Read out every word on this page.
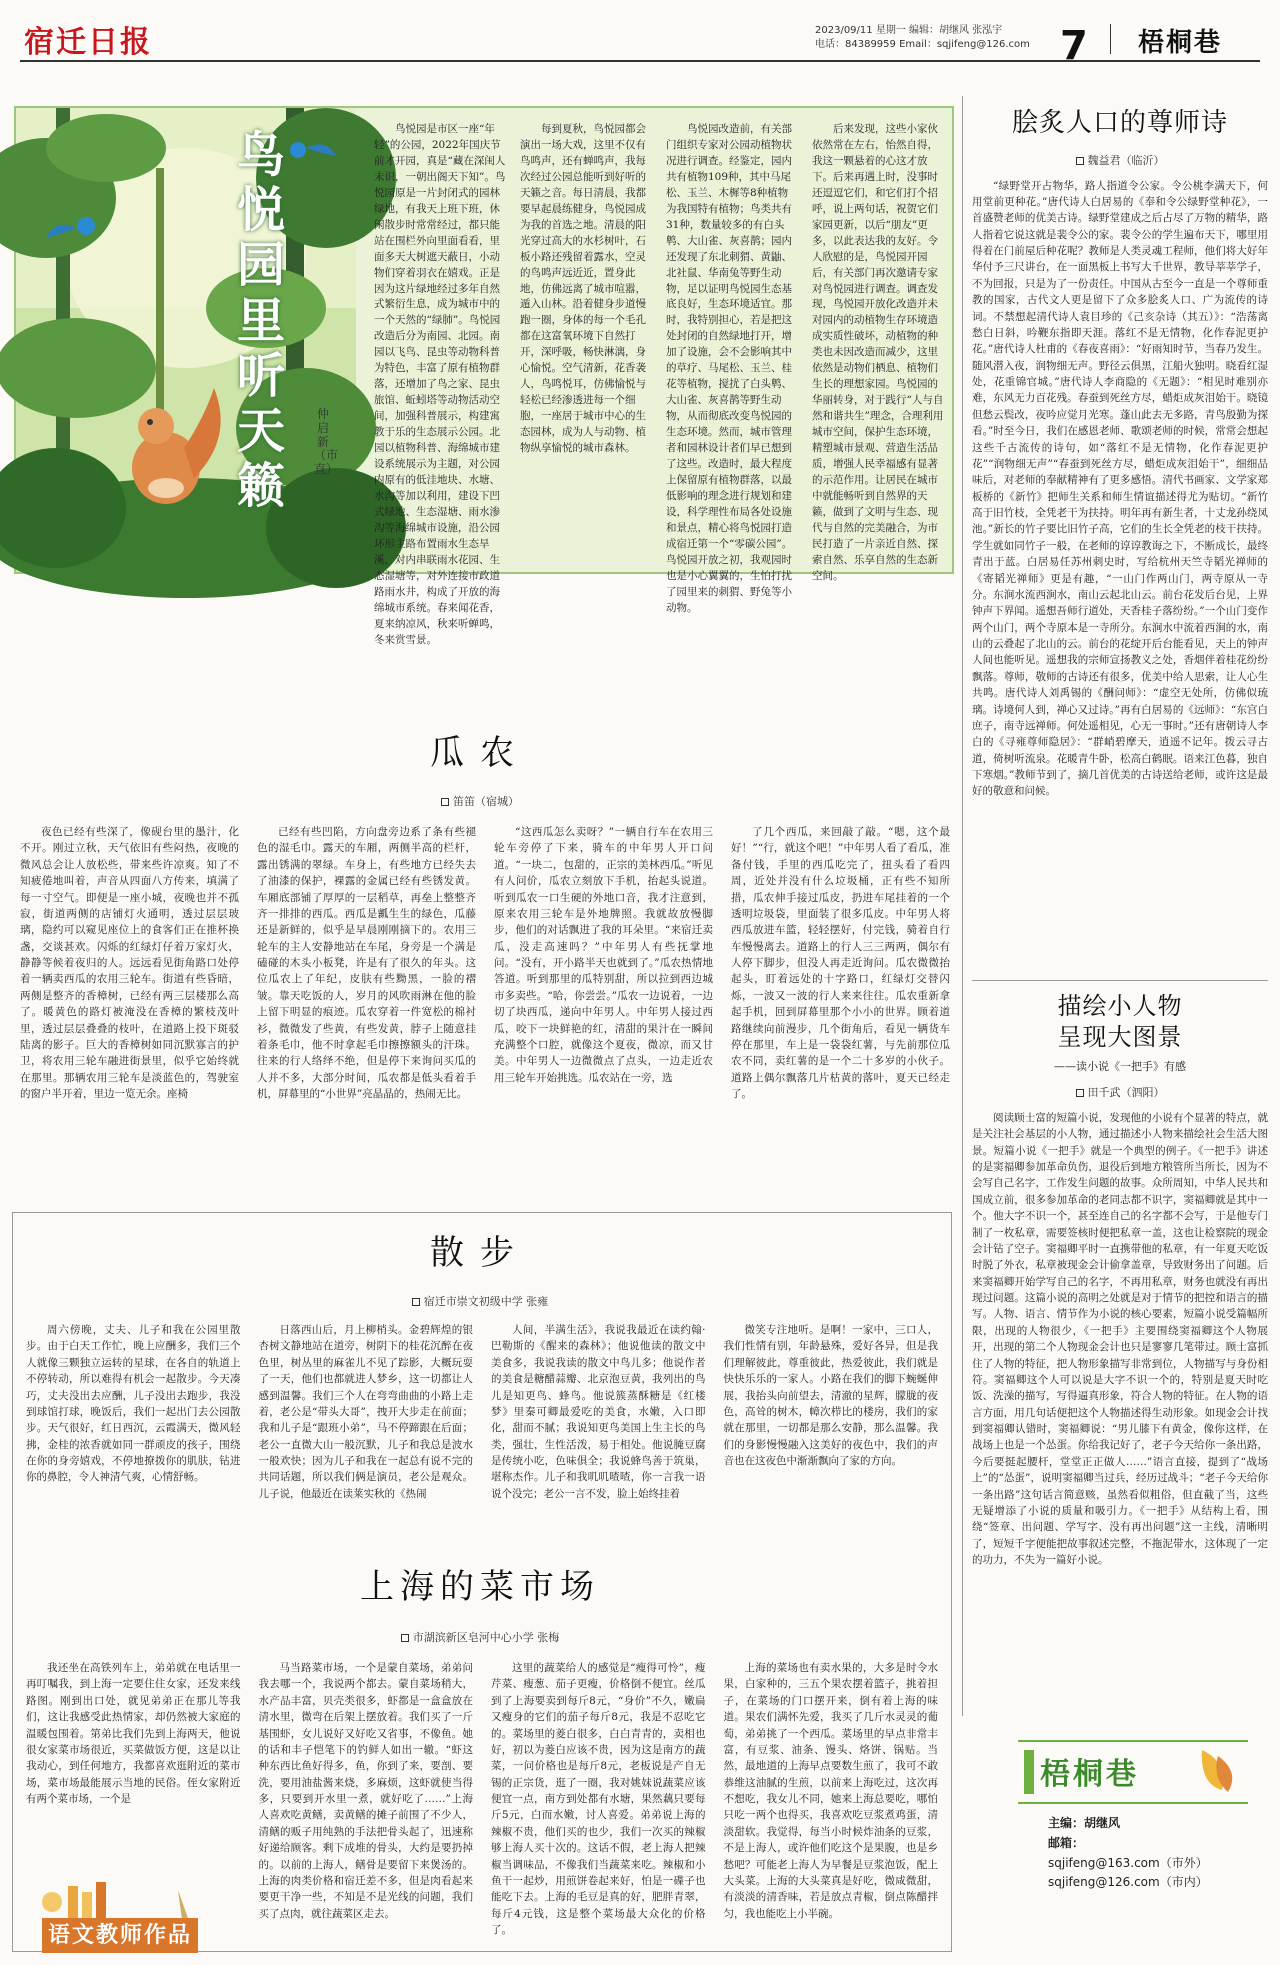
宿迁日报	2023/09/11 星期一 编辑：胡继风 张泓宇
电话：84389959 Email：sqjifeng@126.com 7 梧桐巷
鸟悦园里听天籁
仲启新（市直）
鸟悦园是市区一座“年轻”的公园，2022年国庆节前才开园，真是“藏在深闺人未识，一朝出阁天下知”。鸟悦园原是一片封闭式的园林绿地，有我天上班下班，休闲散步时常常经过，都只能站在围栏外向里面看看，里面多天大树遮天蔽日，小动物们穿着羽衣在嬉戏。正是因为这片绿地经过多年自然式繁衍生息，成为城市中的一个天然的“绿肺”。鸟悦园改造后分为南园、北园。南园以飞鸟、昆虫等动物科普为特色，丰富了原有植物群落，还增加了鸟之家、昆虫旅馆、蚯蚓塔等动物活动空间，加强科普展示，构建寓教于乐的生态展示公园。北园以植物科普、海绵城市建设系统展示为主题，对公园内原有的低洼地块、水塘、水沟等加以利用，建设下凹式绿地、生态湿塘、雨水渗沟等海绵城市设施，沿公园环形主路布置雨水生态旱溪，对内串联雨水花园、生态湿塘等，对外连接市政道路雨水井，构成了开放的海绵城市系统。春来闻花香，夏来纳凉风，秋来听蝉鸣，冬来赏雪景。
每到夏秋，鸟悦园都会演出一场大戏，这里不仅有鸟鸣声，还有蝉鸣声，我每次经过公园总能听到好听的天籁之音。每日清晨，我都要早起晨练健身，鸟悦园成为我的首选之地。清晨的阳光穿过高大的水杉树叶，石板小路还残留着露水，空灵的鸟鸣声远近近，置身此地，仿佛远离了城市喧嚣，遁入山林。沿着健身步道慢跑一圈，身体的每一个毛孔都在这富氧环境下自然打开，深呼吸，畅快淋漓，身心愉悦。空气清新，花香袭人，鸟鸣悦耳，仿佛愉悦与轻松已经渗透进每一个细胞，一座居于城市中心的生态园林，成为人与动物、植物纵享愉悦的城市森林。
鸟悦园改造前，有关部门组织专家对公园动植物状况进行调查。经鉴定，园内共有植物109种，其中马尾松、玉兰、木樨等8种植物为我国特有植物；鸟类共有31种，数量较多的有白头鹎、大山雀、灰喜鹊；园内还发现了东北刺猬、黄鼬、北社鼠、华南兔等野生动物，足以证明鸟悦园生态基底良好，生态环境适宜。那时，我特别担心，若是把这处封闭的自然绿地打开，增加了设施，会不会影响其中的草疗、马尾松、玉兰、桂花等植物，搅扰了白头鹎、大山雀、灰喜鹊等野生动物，从而彻底改变鸟悦园的生态环境。然而，城市管理者和园林设计者们早已想到了这些。改造时，最大程度上保留原有植物群落，以最低影响的理念进行规划和建设，科学理性布局各处设施和景点，精心将鸟悦园打造成宿迁第一个“零碳公园”。鸟悦园开放之初，我观园时也是小心翼翼的，生怕打扰了园里来的刺猬、野兔等小动物。
后来发现，这些小家伙依然常在左右，怡然自得，我这一颗悬着的心这才放下。后来再遇上时，没事时还逗逗它们，和它们打个招呼，说上两句话，祝贺它们家园更新，以后“朋友”更多，以此表达我的友好。令人欣慰的是，鸟悦园开园后，有关部门再次邀请专家对鸟悦园进行调查。调查发现，鸟悦园开放化改造并未对园内的动植物生存环境造成实质性破坏，动植物的种类也未因改造而减少，这里依然是动物们栖息、植物们生长的理想家园。鸟悦园的华丽转身，对于践行“人与自然和谐共生”理念，合理利用城市空间，保护生态环境，精塑城市景观、营造生活品质，增强人民幸福感有显著的示范作用。让居民在城市中就能畅听到自然界的天籁，做到了文明与生态、现代与自然的完美融合，为市民打造了一片亲近自然、探索自然、乐享自然的生态新空间。
脍炙人口的尊师诗
魏益君（临沂）
“绿野堂开占物华，路人指道令公家。令公桃李满天下，何用堂前更种花。”唐代诗人白居易的《奉和令公绿野堂种花》，一首盛赞老师的优美古诗。绿野堂建成之后占尽了万物的精华，路人指着它说这就是裴令公的家。裴令公的学生遍布天下，哪里用得着在门前屋后种花呢？教师是人类灵魂工程师，他们将大好年华付予三尺讲台，在一面黑板上书写大千世界，教导莘莘学子，不为回报，只是为了一份责任。中国从古至今一直是一个尊师重教的国家，古代文人更是留下了众多脍炙人口、广为流传的诗词。不禁想起清代诗人袁目珍的《己亥杂诗（其五）》：“浩荡离愁白日斜，吟鞭东指即天涯。落红不是无情物，化作春泥更护花。”唐代诗人杜甫的《春夜喜雨》：“好雨知时节，当春乃发生。随风潜入夜，润物细无声。野径云俱黑，江船火独明。晓看红湿处，花重锦官城。”唐代诗人李商隐的《无题》：“相见时难别亦难，东风无力百花残。春蚕到死丝方尽，蜡炬成灰泪始干。晓镜但愁云鬓改，夜吟应觉月光寒。蓬山此去无多路，青鸟殷勤为探看。”时至今日，我们在感恩老师、歌颂老师的时候，常常会想起这些千古流传的诗句，如“落红不是无情物，化作春泥更护花”“润物细无声”“春蚕到死丝方尽，蜡炬成灰泪始干”，细细品味后，对老师的奉献精神有了更多感悟。清代书画家、文学家郑板桥的《新竹》把师生关系和师生情谊描述得尤为贴切。“新竹高于旧竹枝，全凭老干为扶持。明年再有新生者，十丈龙孙绕凤池。”新长的竹子要比旧竹子高，它们的生长全凭老的枝干扶持。学生就如同竹子一般，在老师的谆谆教诲之下，不断成长，最终青出于蓝。白居易任苏州刺史时，写给杭州天竺寺韬光禅师的《寄韬光禅师》更是有趣，“一山门作两山门，两寺原从一寺分。东涧水流西涧水，南山云起北山云。前台花发后台见，上界钟声下界闻。遥想吾师行道处，天香桂子落纷纷。”一个山门变作两个山门，两个寺原本是一寺所分。东涧水中流着西涧的水，南山的云叠起了北山的云。前台的花绽开后台能看见，天上的钟声人间也能听见。遥想我的宗师宣扬教义之处，香烟伴着桂花纷纷飘落。尊师，敬师的古诗还有很多，优美中给人思索，让人心生共鸣。唐代诗人刘禹锡的《酬问师》：“虚空无处所，仿佛似琉璃。诗境何人到，禅心又过诗。”再有白居易的《远师》：“东宫白庶子，南寺远禅师。何处遥相见，心无一事时。”还有唐朝诗人李白的《寻雍尊师隐居》：“群峭碧摩天，逍遥不记年。拨云寻古道，倚树听流泉。花暖青牛卧，松高白鹤眠。语来江色暮，独自下寒烟。”教师节到了，摘几首优美的古诗送给老师，或许这是最好的敬意和问候。
描绘小人物
呈现大图景
——读小说《一把手》有感
田千武（泗阳）
阅读顾士富的短篇小说，发现他的小说有个显著的特点，就是关注社会基层的小人物，通过描述小人物来描绘社会生活大图景。短篇小说《一把手》就是一个典型的例子。《一把手》讲述的是窦福卿参加革命负伤，退役后到地方粮管所当所长，因为不会写自己名字，工作发生问题的故事。众所周知，中华人民共和国成立前，很多参加革命的老同志都不识字，窦福卿就是其中一个。他大字不识一个，甚至连自己的名字都不会写，于是他专门制了一枚私章，需要签核时便把私章一盖，这也让检察院的现金会计钻了空子。窦福卿平时一直携带他的私章，有一年夏天吃饭时脱了外衣，私章被现金会计偷拿盖章，导致财务出了问题。后来窦福卿开始学写自己的名字，不再用私章，财务也就没有再出现过问题。这篇小说的高明之处就是对于情节的把控和语言的描写。人物、语言、情节作为小说的核心要素，短篇小说受篇幅所限，出现的人物很少，《一把手》主要围绕窦福卿这个人物展开，出现的第二个人物现金会计也只是寥寥几笔带过。顾士富抓住了人物的特征，把人物形象描写非常到位，人物描写与身份相符。窦福卿这个人可以说是大字不识一个的，特别是夏天时吃饭、洗澡的描写，写得逼真形象，符合人物的特征。在人物的语言方面，用几句话便把这个人物描述得生动形象。如现金会计找到窦福卿认错时，窦福卿说：“男儿膝下有黄金，像你这样，在战场上也是一个怂蛋。你给我记好了，老子今天给你一条出路，今后要挺起腰杆，堂堂正正做人……”语言直接，提到了“战场上”的“怂蛋”，说明窦福卿当过兵，经历过战斗；“老子今天给你一条出路”这句话言简意赅，虽然看似粗俗，但直截了当，这些无疑增添了小说的质量和吸引力。《一把手》从结构上看，围绕“签章、出问题、学写字、没有再出问题”这一主线，清晰明了，短短千字便能把故事叙述完整，不拖泥带水，这体现了一定的功力，不失为一篇好小说。
瓜农
笛笛（宿城）
夜色已经有些深了，像砚台里的墨汁，化不开。刚过立秋，天气依旧有些闷热，夜晚的微风总会让人放松些，带来些许凉爽。知了不知疲倦地叫着，声音从四面八方传来，填满了每一寸空气。即便是一座小城，夜晚也并不孤寂，街道两侧的店铺灯火通明，透过层层玻璃，隐约可以窥见座位上的食客们正在推杯换盏，交谈甚欢。闪烁的红绿灯仔着万家灯火，静静等候着夜归的人。远远看见街角路口处停着一辆卖西瓜的农用三轮车。街道有些昏暗，两侧是整齐的香樟树，已经有两三层楼那么高了。暖黄色的路灯被淹没在香樟的繁枝茂叶里，透过层层叠叠的枝叶，在道路上投下斑驳陆离的影子。巨大的香樟树如同沉默寡言的护卫，将农用三轮车融进街景里，似乎它始终就在那里。那辆农用三轮车是淡蓝色的，驾驶室的窗户半开着，里边一览无余。座椅
已经有些凹陷，方向盘旁边系了条有些褪色的湿毛巾。露天的车厢，两侧半高的栏杆，露出锈满的翠绿。车身上，有些地方已经失去了油漆的保护，裸露的金属已经有些锈发黄。车厢底部铺了厚厚的一层稻草，再垒上整整齐齐一排排的西瓜。西瓜是瓤生生的绿色，瓜藤还是新鲜的，似乎是早晨刚刚摘下的。农用三轮车的主人安静地站在车尾，身旁是一个满是磕碰的木头小板凳，许是有了很久的年头。这位瓜农上了年纪，皮肤有些黝黑，一脸的褶皱。靠天吃饭的人，岁月的风吹雨淋在他的脸上留下明显的痕迹。瓜农穿着一件宽松的棉衬衫，微微发了些黄，有些发黄，脖子上随意挂着条毛巾，他不时拿起毛巾擦擦额头的汗珠。往来的行人络绎不绝，但是停下来询问买瓜的人并不多，大部分时间，瓜农都是低头看着手机，屏幕里的“小世界”亮晶晶的，热闹无比。
“这西瓜怎么卖呀？”一辆自行车在农用三轮车旁停了下来，骑车的中年男人开口问道。“一块二，包甜的，正宗的美林西瓜。”听见有人问价，瓜农立刻放下手机，抬起头说道。听到瓜农一口生硬的外地口音，我才注意到，原来农用三轮车是外地牌照。我就故放慢脚步，他们的对话飘进了我的耳朵里。“来宿迁卖瓜，没走高速吗？”中年男人有些抚掌地问。“没有，开小路半天也就到了。”瓜农热情地答道。听到那里的瓜特别甜，所以拉到西边城市多卖些。“哈，你尝尝。”瓜农一边说着，一边切了块西瓜，递向中年男人。中年男人接过西瓜，咬下一块鲜艳的红，清甜的果汁在一瞬间充满整个口腔，就像这个夏夜，微凉，而又甘美。中年男人一边微微点了点头，一边走近农用三轮车开始挑选。瓜农站在一旁，选
了几个西瓜，来回敲了敲。“嗯，这个最好！”“行，就这个吧！”中年男人看了看瓜，准备付钱，手里的西瓜吃完了，扭头看了看四周，近处并没有什么垃圾桶，正有些不知所措，瓜农伸手接过瓜皮，扔进车尾挂着的一个透明垃圾袋，里面装了很多瓜皮。中年男人将西瓜放进车篮，轻轻摆好，付完钱，骑着自行车慢慢离去。道路上的行人三三两两，偶尔有人停下脚步，但没人再走近询问。瓜农微微抬起头，盯着远处的十字路口，红绿灯交替闪烁，一波又一波的行人来来往往。瓜农重新拿起手机，回到屏幕里那个小小的世界。顾着道路继续向前漫步，几个街角后，看见一辆货车停在那里，车上是一袋袋红薯，与先前那位瓜农不同，卖红薯的是一个二十多岁的小伙子。道路上偶尔飘落几片枯黄的落叶，夏天已经走了。
散步
宿迁市崇文初级中学 张雍
周六傍晚，丈夫、儿子和我在公园里散步。由于白天工作忙，晚上应酬多，我们三个人就像三颗独立运转的星球，在各自的轨道上不停转动，所以难得有机会一起散步。今天凑巧，丈夫没出去应酬，儿子没出去跑步，我没到球馆打球，晚饭后，我们一起出门去公园散步。天气很好，红日西沉，云霞满天，微风轻拂，金桂的浓香就如同一群顽皮的孩子，围绕在你的身旁嬉戏，不停地撩拨你的肌肤，钻进你的鼻腔，令人神清气爽，心情舒畅。
日落西山后，月上柳梢头。金碧辉煌的银杏树文静地站在道旁，树阴下的桂花沉醉在夜色里，树丛里的麻雀儿不见了踪影，大概玩耍了一天，他们也都就进人梦乡，这一切都让人感到温馨。我们三个人在弯弯曲曲的小路上走着，老公是“带头大哥”，拽开大步走在前面；我和儿子是“跟班小弟”，马不停蹄跟在后面；老公一直微大山一般沉默，儿子和我总是波水一般欢快；因为儿子和我在一起总有说不完的共同话题，所以我们俩是演员，老公是观众。儿子说，他最近在读莱实秋的《热闹
人间，半满生活》，我说我最近在读约翰·巴勒斯的《醒来的森林》；他说他读的散文中美食多，我说我读的散文中鸟儿多；他说作者的美食是糖醋蒜瓣、北京泡豆黄，我列出的鸟儿是知更鸟、蜂鸟。他说簇蒸酥糖是《红楼梦》里秦可卿最爱吃的美食，水嫩，入口即化，甜而不腻；我说知更鸟美国上生主长的鸟类，强壮，生性活泼，易于相处。他说腌豆腐是传统小吃，色味俱全；我说蜂鸟善于筑巢，堪称杰作。儿子和我叽叽喳喳，你一言我一语说个没完；老公一言不发，脸上始终挂着
微笑专注地听。是啊！一家中，三口人，我们性情有别，年龄悬殊，爱好各异，但是我们理解彼此，尊重彼此，热爱彼此，我们就是快快乐乐的一家人。小路在我们的脚下蜿蜒伸展，我抬头向前望去，清澈的星辉，朦胧的夜色，高耸的树木，幛次栉比的楼房，我们的家就在那里，一切都是那么安静，那么温馨。我们的身影慢慢融入这美好的夜色中，我们的声音也在这夜色中渐渐飘向了家的方向。
上海的菜市场
市湖滨新区皂河中心小学 张梅
我还坐在高铁列车上，弟弟就在电话里一再叮嘱我，到上海一定要住住女家，还发来线路图。刚到出口处，就见弟弟正在那儿等我们，这让我感受此热情家，却仍然被大家庭的温暖包围着。第弟比我们先到上海两天，他说很女家菜市场很近，买菜做饭方便，这是以让我动心，到任何地方，我都喜欢逛附近的菜市场，菜市场最能展示当地的民俗。侄女家附近有两个菜市场，一个是
马当路菜市场，一个是蒙自菜场，弟弟问我去哪一个，我说两个都去。蒙自菜场稍大，水产品丰富，贝壳类很多，虾都是一盒盒放在清水里，微弯在后架上摆放着。我们买了一斤基围虾，女儿说好又好吃又省事，不像鱼。她的话和丰子恺笔下的钓鲜人如出一辙。“虾这种东西比鱼好得多，鱼，你到了来，要剖、要洗，要用油盐酱来烧，多麻烦，这虾就使当得多，只要到开水里一煮，就好吃了……”上海人喜欢吃黄鳝，卖黄鳝的摊子前围了不少人，清鳝的贩子用纯熟的手法把骨头起了，迅速称好递给顾客。剩下成堆的骨头，大约是要扔掉的。以前的上海人，鳝骨是要留下来煲汤的。上海的肉类价格和宿迁差不多，但是肉看起来要更干净一些，不知是不是光线的问题，我们买了点肉，就往蔬菜区走去。
这里的蔬菜给人的感觉是“瘦得可怜”，瘦芹菜、瘦葱、茄子更瘦，价格倒不便宜。丝瓜到了上海要卖到每斤8元，“身价”不久，嫩扁又瘦身的它们的茄子每斤8元，我是不忍吃它的。菜场里的菱白很多，白白青青的，卖相也好，初以为菱白应该不贵，因为这是南方的蔬菜，一问价格也是每斤8元，老板说是产自无锡的正宗货，逛了一圈，我对姚妹说蔬菜应该便宜一点，南方到处都有水塘，果然藕只要每斤5元，白而水嫩，讨人喜爱。弟弟说上海的辣椒不贵，他们买的也少，我们一次买的辣椒够上海人买十次的。这话不假，老上海人把辣椒当调味品，不像我们当蔬菜来吃。辣椒和小鱼干一起炒，用煎饼卷起来好，怕是一碟子也能吃下去。上海的毛豆是真的好，肥胖青翠，每斤4元钱，这是整个菜场最大众化的价格了。
上海的菜场也有卖水果的，大多是时令水果，白家种的，三五个果农摆着篮子，挑着担子，在菜场的门口摆开来，倒有着上海的味道。果农们满怀先爱，我买了几斤水灵灵的葡萄，弟弟挑了一个西瓜。菜场里的早点非常丰富，有豆浆、油条、馒头、烙饼、锅贴。当然，最地道的上海早点要数生煎了，我可不敢恭维这油腻的生煎，以前来上海吃过，这次再不想吃，我女儿不同，她来上海总要吃，哪怕只吃一两个也得买，我喜欢吃豆浆煮鸡蛋，清淡甜软。我觉得，每当小时候炸油条的豆浆，不是上海人，或许他们吃这个是果腹，也是乡愁吧？可能老上海人为早餐是豆浆泡饭，配上大头菜。上海的大头菜真是好吃，微咸微甜，有淡淡的清香味，若是放点青椒，倒点陈醋拌匀，我也能吃上小半碗。
语文教师作品
梧桐巷
主编：胡继风
邮箱：
sqjifeng@163.com（市外）
sqjifeng@126.com（市内）
